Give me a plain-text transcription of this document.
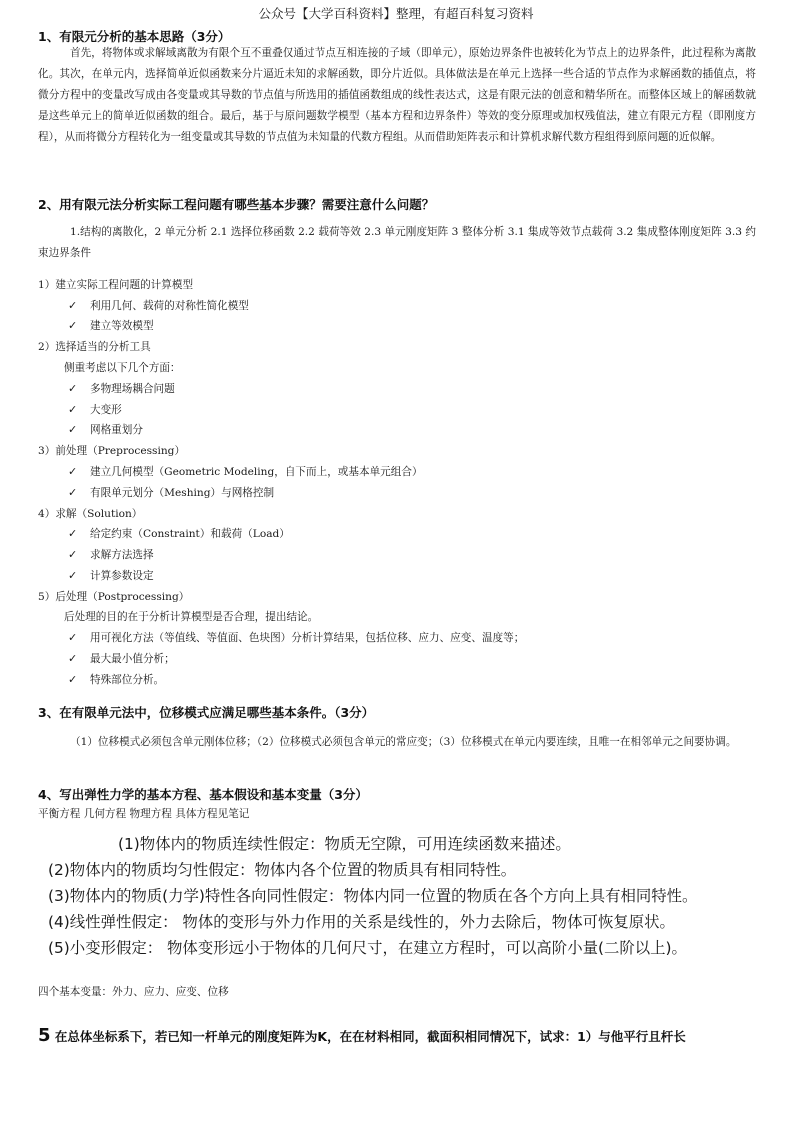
公众号【大学百科资料】整理，有超百科复习资料
1、有限元分析的基本思路（3分）
首先，将物体或求解域离散为有限个互不重叠仅通过节点互相连接的子域（即单元），原始边界条件也被转化为节点上的边界条件，此过程称为离散化。其次，在单元内，选择简单近似函数来分片逼近未知的求解函数，即分片近似。具体做法是在单元上选择一些合适的节点作为求解函数的插值点，将微分方程中的变量改写成由各变量或其导数的节点值与所选用的插值函数组成的线性表达式，这是有限元法的创意和精华所在。而整体区域上的解函数就是这些单元上的简单近似函数的组合。最后，基于与原问题数学模型（基本方程和边界条件）等效的变分原理或加权残值法，建立有限元方程（即刚度方程），从而将微分方程转化为一组变量或其导数的节点值为未知量的代数方程组。从而借助矩阵表示和计算机求解代数方程组得到原问题的近似解。
2、用有限元法分析实际工程问题有哪些基本步骤？需要注意什么问题？
1.结构的离散化，2 单元分析 2.1 选择位移函数 2.2 载荷等效 2.3 单元刚度矩阵 3 整体分析 3.1 集成等效节点载荷 3.2 集成整体刚度矩阵 3.3 约束边界条件
1）建立实际工程问题的计算模型
✓ 利用几何、载荷的对称性简化模型
✓ 建立等效模型
2）选择适当的分析工具
侧重考虑以下几个方面：
✓ 多物理场耦合问题
✓ 大变形
✓ 网格重划分
3）前处理（Preprocessing）
✓ 建立几何模型（Geometric Modeling，自下而上，或基本单元组合）
✓ 有限单元划分（Meshing）与网格控制
4）求解（Solution）
✓ 给定约束（Constraint）和载荷（Load）
✓ 求解方法选择
✓ 计算参数设定
5）后处理（Postprocessing）
后处理的目的在于分析计算模型是否合理，提出结论。
✓ 用可视化方法（等值线、等值面、色块图）分析计算结果，包括位移、应力、应变、温度等；
✓ 最大最小值分析；
✓ 特殊部位分析。
3、在有限单元法中，位移模式应满足哪些基本条件。（3分）
（1）位移模式必须包含单元刚体位移；（2）位移模式必须包含单元的常应变；（3）位移模式在单元内要连续，且唯一在相邻单元之间要协调。
4、写出弹性力学的基本方程、基本假设和基本变量（3分）
平衡方程 几何方程 物理方程 具体方程见笔记
(1)物体内的物质连续性假定：物质无空隙，可用连续函数来描述。
(2)物体内的物质均匀性假定：物体内各个位置的物质具有相同特性。
(3)物体内的物质(力学)特性各向同性假定：物体内同一位置的物质在各个方向上具有相同特性。
(4)线性弹性假定： 物体的变形与外力作用的关系是线性的，外力去除后，物体可恢复原状。
(5)小变形假定： 物体变形远小于物体的几何尺寸，在建立方程时，可以高阶小量(二阶以上)。
四个基本变量：外力、应力、应变、位移
5 在总体坐标系下，若已知一杆单元的刚度矩阵为K，在在材料相同，截面积相同情况下，试求：1）与他平行且杆长
